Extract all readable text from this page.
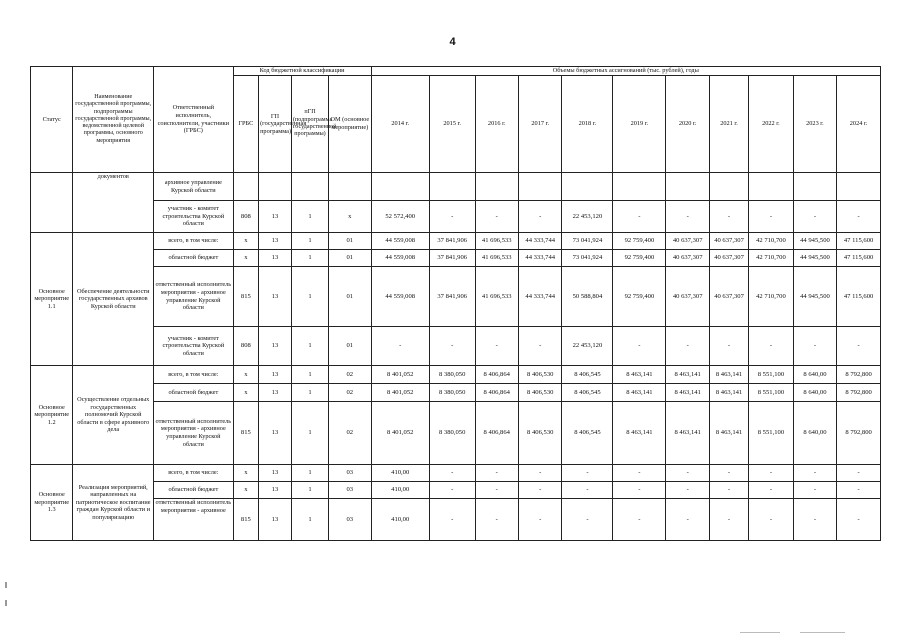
4
Статус	Наименование государственной программы, подпрограммы государственной программы, ведомственной целевой программы, основного мероприятия	Ответственный исполнитель, соисполнители, участники (ГРБС)	Код бюджетной классификации				Объемы бюджетных ассигнований (тыс. рублей), годы										
			ГРБС	ГП (государственная программа)	пГП (подпрограмма государственной программы)	ОМ (основное мероприятие)	2014 г.	2015 г.	2016 г.	2017 г.	2018 г.	2019 г.	2020 г.	2021 г.	2022 г.	2023 г.	2024 г.
	документов	архивное управление Курской области															
		участник - комитет строительства Курской области	808	13	1	х	52 572,400	-	-	-	22 453,120	-	-	-	-	-	-
Основное мероприятие 1.1	Обеспечение деятельности государственных архивов Курской области	всего, в том числе:	х	13	1	01	44 559,008	37 841,906	41 696,533	44 333,744	73 041,924	92 759,400	40 637,307	40 637,307	42 710,700	44 945,500	47 115,600
		областной бюджет	х	13	1	01	44 559,008	37 841,906	41 696,533	44 333,744	73 041,924	92 759,400	40 637,307	40 637,307	42 710,700	44 945,500	47 115,600
		ответственный исполнитель мероприятия - архивное управление Курской области	815	13	1	01	44 559,008	37 841,906	41 696,533	44 333,744	50 588,804	92 759,400	40 637,307	40 637,307	42 710,700	44 945,500	47 115,600
		участник - комитет строительства Курской области	808	13	1	01	-	-	-	-	22 453,120	-	-	-	-	-	-
Основное мероприятие 1.2	Осуществление отдельных государственных полномочий Курской области в сфере архивного дела	всего, в том числе:	х	13	1	02	8 401,052	8 380,050	8 406,864	8 406,530	8 406,545	8 463,141	8 463,141	8 463,141	8 551,100	8 640,00	8 792,800
		областной бюджет	х	13	1	02	8 401,052	8 380,050	8 406,864	8 406,530	8 406,545	8 463,141	8 463,141	8 463,141	8 551,100	8 640,00	8 792,800
		ответственный исполнитель мероприятия - архивное управление Курской области	815	13	1	02	8 401,052	8 380,050	8 406,864	8 406,530	8 406,545	8 463,141	8 463,141	8 463,141	8 551,100	8 640,00	8 792,800
Основное мероприятие 1.3	Реализация мероприятий, направленных на патриотическое воспитание граждан Курской области и популяризацию	всего, в том числе:	х	13	1	03	410,00	-	-	-	-	-	-	-	-	-	-
		областной бюджет	х	13	1	03	410,00	-	-	-	-	-	-	-	-	-	-
		ответственный исполнитель мероприятия - архивное	815	13	1	03	410,00	-	-	-	-	-	-	-	-	-	-
